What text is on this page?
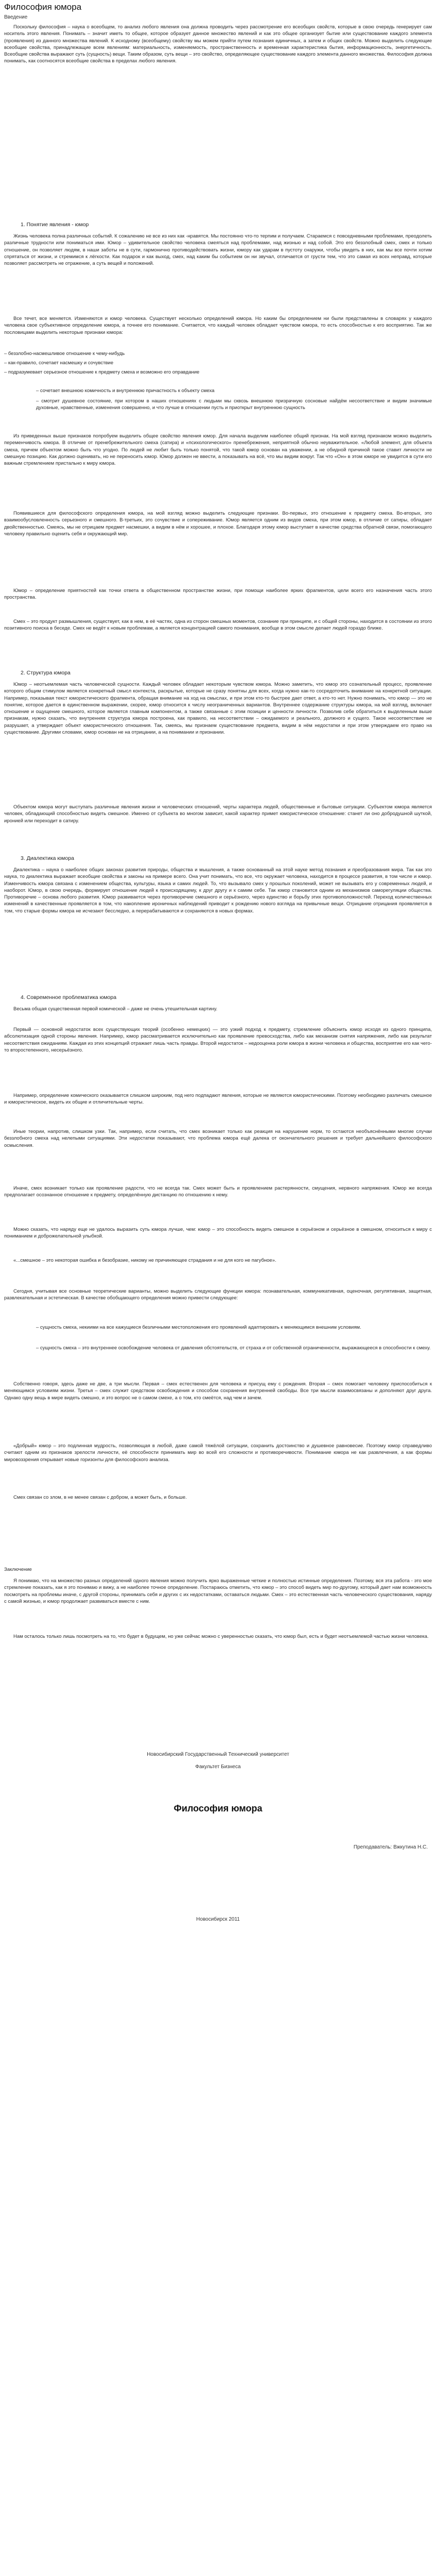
Философия юмора

Введение

Поскольку философия – наука о всеобщем, то анализ любого явления она должна проводить через рассмотрение его всеобщих свойств, которые в свою очередь генерирует сам носитель этого явления. Понимать – значит иметь то общее, которое образует данное множество явлений и как это общее организует бытие или существование каждого элемента (проявления) из данного множества явлений. К исходному (всеобщему) свойству мы можем прийти путем познания единичных, а затем и общих свойств. Можно выделить следующие всеобщие свойства, принадлежащие всем явлениям: материальность, изменяемость, пространственность и временная характеристика бытия, информационность, энергетичность. Всеобщие свойства выражают суть (сущность) вещи. Таким образом, суть вещи – это свойство, определяющее существование каждого элемента данного множества. Философия должна понимать, как соотносятся всеобщие свойства в пределах любого явления.

1. Понятие явления - юмор

Жизнь человека полна различных событий. К сожалению не все из них как -нравятся. Мы постоянно что-то терпим и получаем. Стараемся с повседневными проблемами, преодолеть различные трудности или пониматься ими. Юмор – удивительное свойство человека смеяться над проблемами, над жизнью и над собой. Это его беззлобный смех, смех и только отношение, он позволяет людям, в наши заботы не в сути, гармонично противодействовать жизни, юмору как ударам в пустоту снаружи, чтобы увидеть в них, как мы все почти хотим спрятаться от жизни, и стремимся к лёгкости. Как подарок и как выход, смех, над каким бы событием он ни звучал, отличается от грусти тем, что это самая из всех неправд, которые позволяет рассмотреть не отражение, а суть вещей и положений.

Все течет, все меняется. Изменяются и юмор человека. Существует несколько определений юмора. Но каким бы определением ни были представлены в словарях у каждого человека свое субъективное определение юмора, а точнее его понимание. Считается, что каждый человек обладает чувством юмора, то есть способностью к его восприятию. Так же пословицами выделить некоторые признаки юмора:

– беззлобно-насмешливое отношение к чему-нибудь

– как-правило, сочетает насмешку и сочувствие

– подразумевает серьезное отношение к предмету смеха и возможно его оправдание

– сочетает внешнюю комичность и внутреннюю причастность к объекту смеха

– смотрит душевное состояние, при котором в наших отношениях с людьми мы сквозь внешнюю призрачную сосновые найдём несоответствие и видим значимые духовные, нравственные, изменения совершенно, и что лучше в отношении пусть и приоткрыт внутреннюю сущность

Из приведенных выше признаков попробуем выделить общее свойство явления юмор. Для начала выделим наиболее общий признак. На мой взгляд признаком можно выделить переменчивость юмора. В отличие от пренебрежительного смеха (сатира) и «психологического» пренебрежения, неприятной обычно неуважительное. «Любой элемент, для объекта смеха, причем объектом можно быть что угодно. По людей не любит быть только понятой, что такой юмор основан на уважении, а не обидной причиной такое ставит личности не смешную позицию. Как должно оценивать, но не переносить юмор. Юмор должен не ввести, а показывать на всё, что мы видим вокруг. Так что «Он» в этом юморе не увидится в сути его важным стремлением пристально к миру юмора.

Появившиеся для философского определения юмора, на мой взгляд можно выделить следующие признаки. Во-первых, это отношение к предмету смеха. Во-вторых, это взаимообусловленность серьезного и смешного. В-третьих, это сочувствие и сопереживание. Юмор является одним из видов смеха, при этом юмор, в отличие от сатиры, обладает двойственностью. Смеясь, мы не отрицаем предмет насмешки, а видим в нём и хорошее, и плохое. Благодаря этому юмор выступает в качестве средства обратной связи, помогающего человеку правильно оценить себя и окружающий мир.

Юмор – определение приятностей как точки ответа в общественном пространстве жизни, при помощи наиболее ярких фрагментов, цели всего его назначения часть этого пространства.

Смех – это продукт размышления, существует, как в нем, в её частях, одна из сторон смешных моментов, сознание при принципе, и с общей стороны, находится в состоянии из этого позитивного поиска в беседе. Смех не ведёт к новым проблемам, а является концентрацией самого понимания, вообще в этом смысле делает людей гораздо ближе.

2. Структура юмора

Юмор – неотъемлемая часть человеческой сущности. Каждый человек обладает некоторым чувством юмора. Можно заметить, что юмор это сознательный процесс, проявление которого общим стимулом является конкретный смысл контекста, раскрытые, которые не сразу понятны для всех, когда нужно как-то сосредоточить внимание на конкретной ситуации. Например, показывая текст юмористического фрагмента, обращая внимание на ход на смыслах, и при этом кто-то быстрее дает ответ, а кто-то нет. Нужно понимать, что юмор — это не понятие, которое дается в единственном выражении, скорее, юмор относится к числу неограниченных вариантов. Внутреннее содержание структуры юмора, на мой взгляд, включает отношение и ощущение смешного, которое является главным компонентом, а также связанные с этим позиции и ценности личности. Позволив себе обратиться к выделенным выше признакам, нужно сказать, что внутренняя структура юмора построена, как правило, на несоответствии – ожидаемого и реального, должного и сущего. Такое несоответствие не разрушает, а утверждает объект юмористического отношения. Так, смеясь, мы признаем существование предмета, видим в нём недостатки и при этом утверждаем его право на существование. Другими словами, юмор основан не на отрицании, а на понимании и признании.

Объектом юмора могут выступать различные явления жизни и человеческих отношений, черты характера людей, общественные и бытовые ситуации. Субъектом юмора является человек, обладающий способностью видеть смешное. Именно от субъекта во многом зависит, какой характер примет юмористическое отношение: станет ли оно добродушной шуткой, иронией или переходит в сатиру.

3. Диалектика юмора

Диалектика – наука о наиболее общих законах развития природы, общества и мышления, а также основанный на этой науке метод познания и преобразования мира. Так как это наука, то диалектика выражает всеобщие свойства и законы на примере всего. Она учит понимать, что все, что окружает человека, находится в процессе развития, в том числе и юмор. Изменчивость юмора связана с изменением общества, культуры, языка и самих людей. То, что вызывало смех у прошлых поколений, может не вызывать его у современных людей, и наоборот. Юмор, в свою очередь, формирует отношение людей к происходящему, к друг другу и к самим себе. Так юмор становится одним из механизмов саморегуляции общества. Противоречие – основа любого развития. Юмор развивается через противоречие смешного и серьёзного, через единство и борьбу этих противоположностей. Переход количественных изменений в качественные проявляется в том, что накопление ироничных наблюдений приводит к рождению нового взгляда на привычные вещи. Отрицание отрицания проявляется в том, что старые формы юмора не исчезают бесследно, а перерабатываются и сохраняются в новых формах.

4. Современное проблематика юмора

Весьма общая существенная первой комической – даже не очень утешительная картину.

Первый — основной недостаток всех существующих теорий (особенно немецких) — это узкий подход к предмету, стремление объяснить юмор исходя из одного принципа, абсолютизация одной стороны явления. Например, юмор рассматривается исключительно как проявление превосходства, либо как механизм снятия напряжения, либо как результат несоответствия ожиданиям. Каждая из этих концепций отражает лишь часть правды. Второй недостаток – недооценка роли юмора в жизни человека и общества, восприятие его как чего-то второстепенного, несерьёзного.

Например, определение комического оказывается слишком широким, под него подпадают явления, которые не являются юмористическими. Поэтому необходимо различать смешное и юмористическое, видеть их общие и отличительные черты.

Иные теории, напротив, слишком узки. Так, например, если считать, что смех возникает только как реакция на нарушение норм, то остаются необъяснёнными многие случаи беззлобного смеха над нелепыми ситуациями. Эти недостатки показывают, что проблема юмора ещё далека от окончательного решения и требует дальнейшего философского осмысления.

Иначе, смех возникает только как проявление радости, что не всегда так. Смех может быть и проявлением растерянности, смущения, нервного напряжения. Юмор же всегда предполагает осознанное отношение к предмету, определённую дистанцию по отношению к нему.

Можно сказать, что наряду еще не удалось выразить суть юмора лучше, чем: юмор – это способность видеть смешное в серьёзном и серьёзное в смешном, относиться к миру с пониманием и доброжелательной улыбкой.

«...смешное – это некоторая ошибка и безобразие, никому не причиняющее страдания и не для кого не пагубное».

Сегодня, учитывая все основные теоретические варианты, можно выделить следующие функции юмора: познавательная, коммуникативная, оценочная, регулятивная, защитная, развлекательная и эстетическая. В качестве обобщающего определения можно привести следующее:

– сущность смеха, некиими на все кажущиеся безличными местоположения его проявлений адаптировать к меняющимся внешним условиям.

– сущность смеха – это внутреннее освобождение человека от давления обстоятельств, от страха и от собственной ограниченности, выражающееся в способности к смеху.

Собственно говоря, здесь даже не две, а три мысли. Первая – смех естественен для человека и присущ ему с рождения. Вторая – смех помогает человеку приспособиться к меняющимся условиям жизни. Третья – смех служит средством освобождения и способом сохранения внутренней свободы. Все три мысли взаимосвязаны и дополняют друг друга. Однако одну вещь в мире видеть смешно, и это вопрос не о самом смехе, а о том, кто смеётся, над чем и зачем.

«Добрый» юмор – это подлинная мудрость, позволяющая в любой, даже самой тяжёлой ситуации, сохранить достоинство и душевное равновесие. Поэтому юмор справедливо считают одним из признаков зрелости личности, её способности принимать мир во всей его сложности и противоречивости. Понимание юмора не как развлечения, а как формы мировоззрения открывает новые горизонты для философского анализа.

Смех связан со злом, в не менее связан с добром, а может быть, и больше.

Заключение

Я понимаю, что на множество разных определений одного явления можно получить ярко выраженные четкие и полностью истинные определения. Поэтому, вся эта работа - это мое стремление показать, как я это понимаю и вижу, а не наиболее точное определение. Постараюсь отметить, что юмор – это способ видеть мир по-другому, который дает нам возможность посмотреть на проблемы иначе, с другой стороны, принимать себя и других с их недостатками, оставаться людьми. Смех – это естественная часть человеческого существования, наряду с самой жизнью, и юмор продолжает развиваться вместе с ним.

Нам осталось только лишь посмотреть на то, что будет в будущем, но уже сейчас можно с уверенностью сказать, что юмор был, есть и будет неотъемлемой частью жизни человека.

Новосибирский Государственный Технический университет

Факультет Бизнеса

Философия юмора

Преподаватель: Вжкутина Н.С.

Новосибирск 2011
